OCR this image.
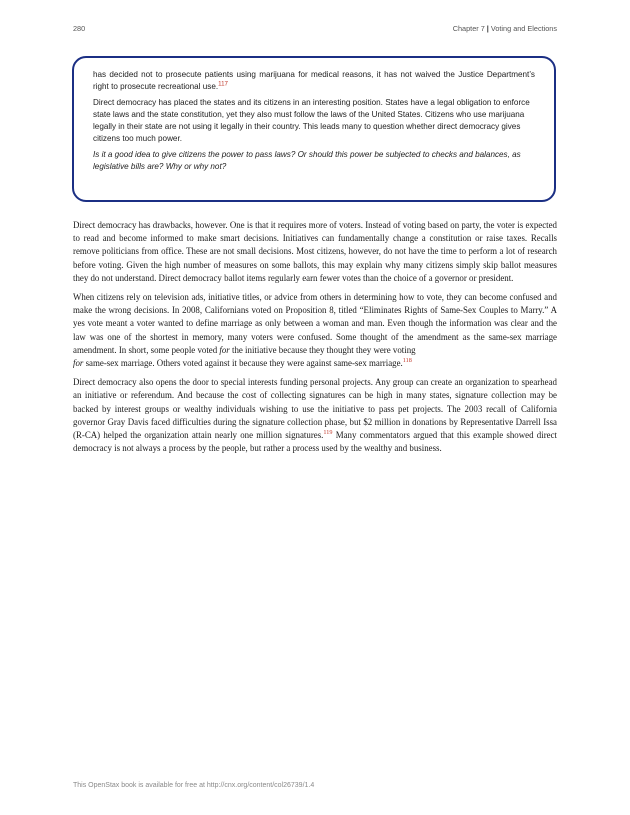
280	Chapter 7 | Voting and Elections

has decided not to prosecute patients using marijuana for medical reasons, it has not waived the Justice Department’s right to prosecute recreational use.$^{117}$

Direct democracy has placed the states and its citizens in an interesting position. States have a legal obligation to enforce state laws and the state constitution, yet they also must follow the laws of the United States. Citizens who use marijuana legally in their state are not using it legally in their country. This leads many to question whether direct democracy gives citizens too much power.

Is it a good idea to give citizens the power to pass laws? Or should this power be subjected to checks and balances, as legislative bills are? Why or why not?

Direct democracy has drawbacks, however. One is that it requires more of voters. Instead of voting based on party, the voter is expected to read and become informed to make smart decisions. Initiatives can fundamentally change a constitution or raise taxes. Recalls remove politicians from office. These are not small decisions. Most citizens, however, do not have the time to perform a lot of research before voting. Given the high number of measures on some ballots, this may explain why many citizens simply skip ballot measures they do not understand. Direct democracy ballot items regularly earn fewer votes than the choice of a governor or president.

When citizens rely on television ads, initiative titles, or advice from others in determining how to vote, they can become confused and make the wrong decisions. In 2008, Californians voted on Proposition 8, titled “Eliminates Rights of Same-Sex Couples to Marry.” A yes vote meant a voter wanted to define marriage as only between a woman and man. Even though the information was clear and the law was one of the shortest in memory, many voters were confused. Some thought of the amendment as the same-sex marriage amendment. In short, some people voted for the initiative because they thought they were voting
for same-sex marriage. Others voted against it because they were against same-sex marriage.$^{118}$

Direct democracy also opens the door to special interests funding personal projects. Any group can create an organization to spearhead an initiative or referendum. And because the cost of collecting signatures can be high in many states, signature collection may be backed by interest groups or wealthy individuals wishing to use the initiative to pass pet projects. The 2003 recall of California governor Gray Davis faced difficulties during the signature collection phase, but $2 million in donations by Representative Darrell Issa (R-CA) helped the organization attain nearly one million signatures.$^{119}$ Many commentators argued that this example showed direct democracy is not always a process by the people, but rather a process used by the wealthy and business.

This OpenStax book is available for free at http://cnx.org/content/col26739/1.4
